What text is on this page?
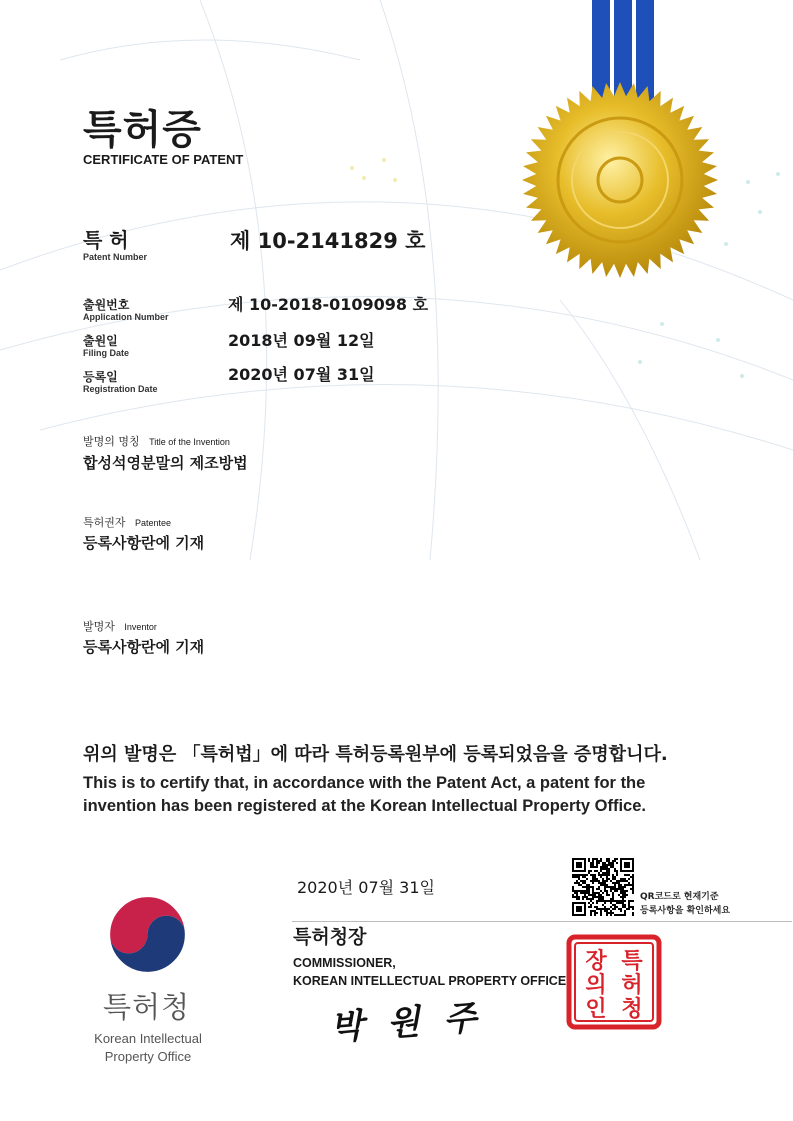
특허증
CERTIFICATE OF PATENT
특 허
Patent Number
제 10-2141829 호
출원번호
Application Number
제 10-2018-0109098 호
출원일
Filing Date
2018년 09월 12일
등록일
Registration Date
2020년 07월 31일
발명의 명칭 Title of the Invention
합성석영분말의 제조방법
특허권자 Patentee
등록사항란에 기재
발명자 Inventor
등록사항란에 기재
위의 발명은 「특허법」에 따라 특허등록원부에 등록되었음을 증명합니다.
This is to certify that, in accordance with the Patent Act, a patent for the
invention has been registered at the Korean Intellectual Property Office.
2020년 07월 31일	QR코드로 현재기준
등록사항을 확인하세요
특허청장
COMMISSIONER,
KOREAN INTELLECTUAL PROPERTY OFFICE
박 원 주
특
허
청
장
의
인
특허청
Korean Intellectual
Property Office
